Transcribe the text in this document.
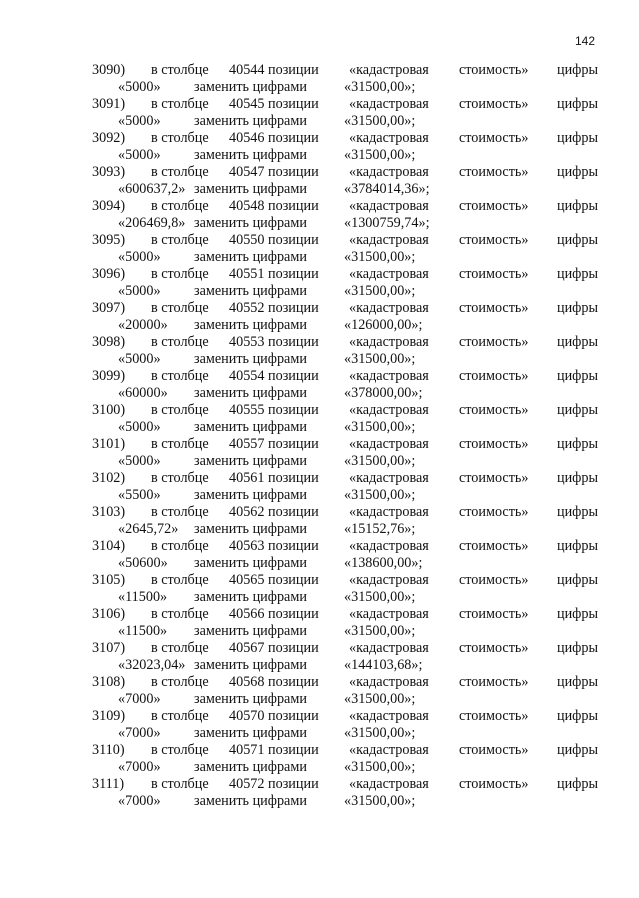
142
3090) в столбце 40544 позиции «кадастровая стоимость» цифры
«5000» заменить цифрами	«31500,00»;
3091) в столбце 40545 позиции «кадастровая стоимость» цифры
«5000» заменить цифрами	«31500,00»;
3092) в столбце 40546 позиции «кадастровая стоимость» цифры
«5000» заменить цифрами	«31500,00»;
3093) в столбце 40547 позиции «кадастровая стоимость» цифры
«600637,2» заменить цифрами	«3784014,36»;
3094) в столбце 40548 позиции «кадастровая стоимость» цифры
«206469,8» заменить цифрами	«1300759,74»;
3095) в столбце 40550 позиции «кадастровая стоимость» цифры
«5000» заменить цифрами	«31500,00»;
3096) в столбце 40551 позиции «кадастровая стоимость» цифры
«5000» заменить цифрами	«31500,00»;
3097) в столбце 40552 позиции «кадастровая стоимость» цифры
«20000» заменить цифрами	«126000,00»;
3098) в столбце 40553 позиции «кадастровая стоимость» цифры
«5000» заменить цифрами	«31500,00»;
3099) в столбце 40554 позиции «кадастровая стоимость» цифры
«60000» заменить цифрами	«378000,00»;
3100) в столбце 40555 позиции «кадастровая стоимость» цифры
«5000» заменить цифрами	«31500,00»;
3101) в столбце 40557 позиции «кадастровая стоимость» цифры
«5000» заменить цифрами	«31500,00»;
3102) в столбце 40561 позиции «кадастровая стоимость» цифры
«5500» заменить цифрами	«31500,00»;
3103) в столбце 40562 позиции «кадастровая стоимость» цифры
«2645,72» заменить цифрами	«15152,76»;
3104) в столбце 40563 позиции «кадастровая стоимость» цифры
«50600» заменить цифрами	«138600,00»;
3105) в столбце 40565 позиции «кадастровая стоимость» цифры
«11500» заменить цифрами	«31500,00»;
3106) в столбце 40566 позиции «кадастровая стоимость» цифры
«11500» заменить цифрами	«31500,00»;
3107) в столбце 40567 позиции «кадастровая стоимость» цифры
«32023,04» заменить цифрами	«144103,68»;
3108) в столбце 40568 позиции «кадастровая стоимость» цифры
«7000» заменить цифрами	«31500,00»;
3109) в столбце 40570 позиции «кадастровая стоимость» цифры
«7000» заменить цифрами	«31500,00»;
3110) в столбце 40571 позиции «кадастровая стоимость» цифры
«7000» заменить цифрами	«31500,00»;
3111) в столбце 40572 позиции «кадастровая стоимость» цифры
«7000» заменить цифрами	«31500,00»;
